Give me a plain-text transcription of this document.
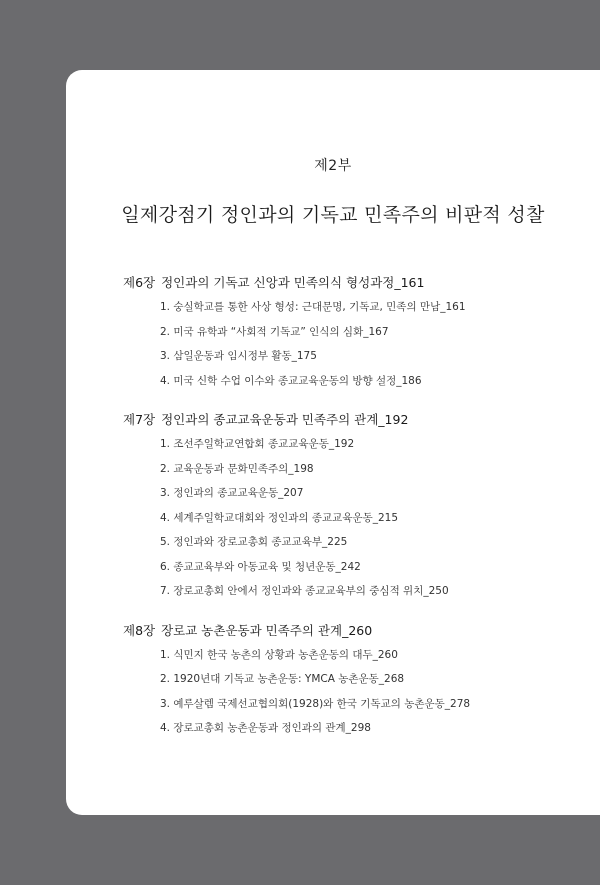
제2부
일제강점기 정인과의 기독교 민족주의 비판적 성찰
제6장 정인과의 기독교 신앙과 민족의식 형성과정_161
1. 숭실학교를 통한 사상 형성: 근대문명, 기독교, 민족의 만남_161
2. 미국 유학과 “사회적 기독교” 인식의 심화_167
3. 삼일운동과 임시정부 활동_175
4. 미국 신학 수업 이수와 종교교육운동의 방향 설정_186
제7장 정인과의 종교교육운동과 민족주의 관계_192
1. 조선주일학교연합회 종교교육운동_192
2. 교육운동과 문화민족주의_198
3. 정인과의 종교교육운동_207
4. 세계주일학교대회와 정인과의 종교교육운동_215
5. 정인과와 장로교총회 종교교육부_225
6. 종교교육부와 아동교육 및 청년운동_242
7. 장로교총회 안에서 정인과와 종교교육부의 중심적 위치_250
제8장 장로교 농촌운동과 민족주의 관계_260
1. 식민지 한국 농촌의 상황과 농촌운동의 대두_260
2. 1920년대 기독교 농촌운동: YMCA 농촌운동_268
3. 예루살렘 국제선교협의회(1928)와 한국 기독교의 농촌운동_278
4. 장로교총회 농촌운동과 정인과의 관계_298
